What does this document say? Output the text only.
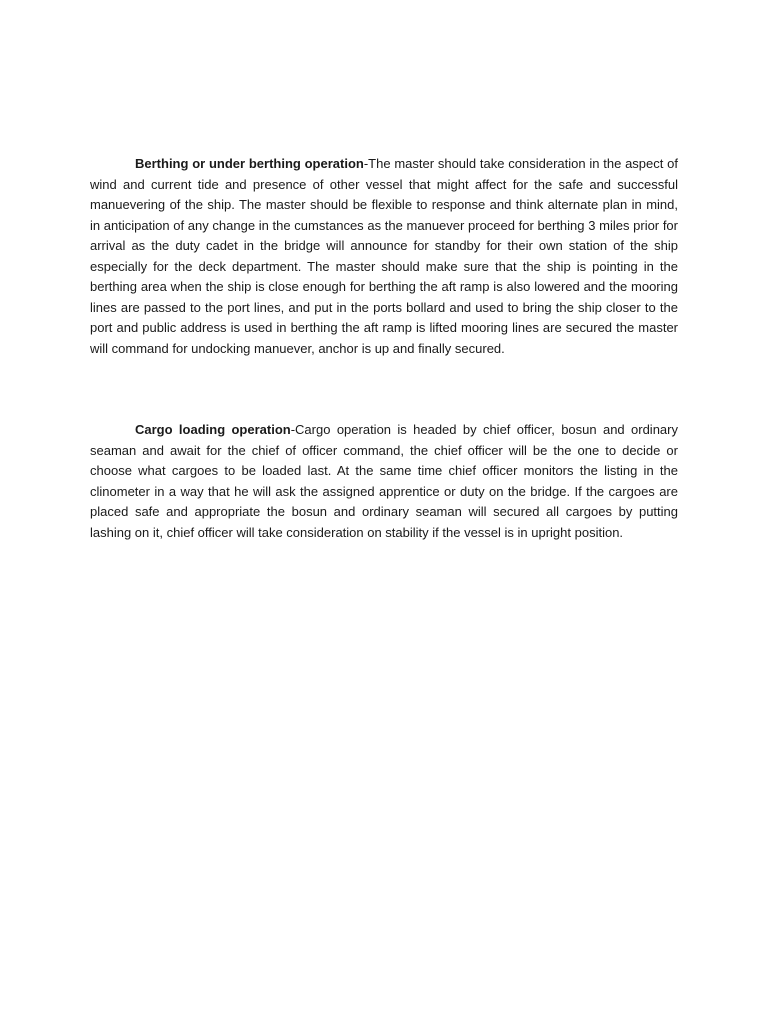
Berthing or under berthing operation-The master should take consideration in the aspect of wind and current tide and presence of other vessel that might affect for the safe and successful manuevering of the ship. The master should be flexible to response and think alternate plan in mind, in anticipation of any change in the cumstances as the manuever proceed for berthing 3 miles prior for arrival as the duty cadet in the bridge will announce for standby for their own station of the ship especially for the deck department. The master should make sure that the ship is pointing in the berthing area when the ship is close enough for berthing the aft ramp is also lowered and the mooring lines are passed to the port lines, and put in the ports bollard and used to bring the ship closer to the port and public address is used in berthing the aft ramp is lifted mooring lines are secured the master will command for undocking manuever, anchor is up and finally secured.

Cargo loading operation-Cargo operation is headed by chief officer, bosun and ordinary seaman and await for the chief of officer command, the chief officer will be the one to decide or choose what cargoes to be loaded last. At the same time chief officer monitors the listing in the clinometer in a way that he will ask the assigned apprentice or duty on the bridge. If the cargoes are placed safe and appropriate the bosun and ordinary seaman will secured all cargoes by putting lashing on it, chief officer will take consideration on stability if the vessel is in upright position.
